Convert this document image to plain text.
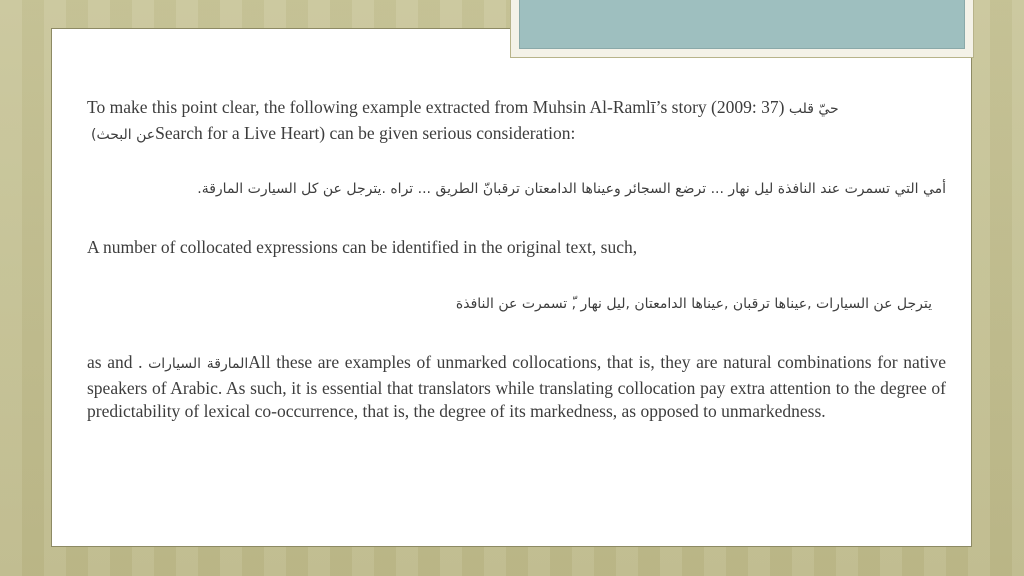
To make this point clear, the following example extracted from Muhsin Al-Ramlī’s story (2009: 37) حيّ قلب
(عن البحثSearch for a Live Heart) can be given serious consideration:

أمي التي تسمرت عند النافذة ليل نهار ... ترضع السجائر وعيناها الدامعتان ترقبانّ الطريق ... تراه .يترجل عن كل السيارت المارقة.

A number of collocated expressions can be identified in the original text, such,

يترجل عن السيارات ,عيناها ترقبان ,عيناها الدامعتان ,ليل نهار ,ّ تسمرت عن النافذة

as and . المارقة السياراتAll these are examples of unmarked collocations, that is, they are natural combinations for native speakers of Arabic. As such, it is essential that translators while translating collocation pay extra attention to the degree of predictability of lexical co-occurrence, that is, the degree of its markedness, as opposed to unmarkedness.
